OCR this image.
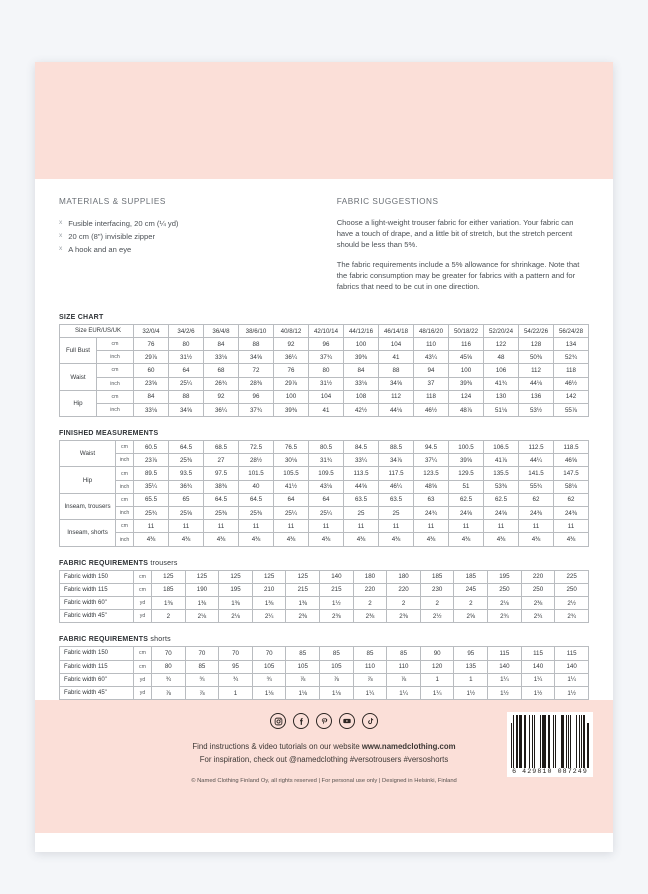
MATERIALS & SUPPLIES
x Fusible interfacing, 20 cm (¼ yd)
x 20 cm (8") invisible zipper
x A hook and an eye
FABRIC SUGGESTIONS

Choose a light-weight trouser fabric for either variation. Your fabric can have a touch of drape, and a little bit of stretch, but the stretch percent should be less than 5%.

The fabric requirements include a 5% allowance for shrinkage. Note that the fabric consumption may be greater for fabrics with a pattern and for fabrics that need to be cut in one direction.

SIZE CHART
Size EUR/US/UK		32/0/4	34/2/6	36/4/8	38/6/10	40/8/12	42/10/14	44/12/16	46/14/18	48/16/20	50/18/22	52/20/24	54/22/26	56/24/28
Full Bust	cm	76	80	84	88	92	96	100	104	110	116	122	128	134
	inch	29⅞	31½	33⅛	34⅝	36¼	37¾	39⅜	41	43¼	45⅝	48	50⅜	52¾
Waist	cm	60	64	68	72	76	80	84	88	94	100	106	112	118
	inch	23⅝	25¼	26¾	28⅜	29⅞	31½	33⅛	34⅝	37	39⅜	41¾	44⅛	46½
Hip	cm	84	88	92	96	100	104	108	112	118	124	130	136	142
	inch	33⅛	34⅝	36¼	37¾	39⅜	41	42½	44⅛	46½	48⅞	51⅛	53½	55⅞
FINISHED MEASUREMENTS
Waist	cm	60.5	64.5	68.5	72.5	76.5	80.5	84.5	88.5	94.5	100.5	106.5	112.5	118.5
	inch	23⅞	25⅜	27	28½	30⅛	31¾	33¼	34⅞	37¼	39⅝	41⅞	44¼	46⅝
Hip	cm	89.5	93.5	97.5	101.5	105.5	109.5	113.5	117.5	123.5	129.5	135.5	141.5	147.5
	inch	35¼	36¾	38⅜	40	41½	43⅛	44⅝	46¼	48⅝	51	53⅜	55¾	58⅛
Inseam, trousers	cm	65.5	65	64.5	64.5	64	64	63.5	63.5	63	62.5	62.5	62	62
	inch	25¾	25⅝	25⅜	25⅜	25¼	25¼	25	25	24¾	24⅝	24⅝	24⅜	24⅜
Inseam, shorts	cm	11	11	11	11	11	11	11	11	11	11	11	11	11
	inch	4⅜	4⅜	4⅜	4⅜	4⅜	4⅜	4⅜	4⅜	4⅜	4⅜	4⅜	4⅜	4⅜
FABRIC REQUIREMENTS trousers
Fabric width 150	cm	125	125	125	125	125	140	180	180	185	185	195	220	225
Fabric width 115	cm	185	190	195	210	215	215	220	220	230	245	250	250	250
Fabric width 60"	yd	1⅜	1⅜	1⅜	1⅜	1⅜	1½	2	2	2	2	2⅛	2⅜	2½
Fabric width 45"	yd	2	2⅛	2⅛	2¼	2⅜	2⅜	2⅜	2⅜	2½	2⅝	2¾	2¾	2¾
FABRIC REQUIREMENTS shorts
Fabric width 150	cm	70	70	70	70	85	85	85	85	90	95	115	115	115
Fabric width 115	cm	80	85	95	105	105	105	110	110	120	135	140	140	140
Fabric width 60"	yd	¾	¾	¾	¾	⅞	⅞	⅞	⅞	1	1	1¼	1¼	1¼
Fabric width 45"	yd	⅞	⅞	1	1⅛	1⅛	1⅛	1¼	1¼	1¼	1½	1½	1½	1½

Find instructions & video tutorials on our website www.namedclothing.com

For inspiration, check out @namedclothing #versotrousers #versoshorts

© Named Clothing Finland Oy, all rights reserved | For personal use only | Designed in Helsinki, Finland
6 429810 087249
